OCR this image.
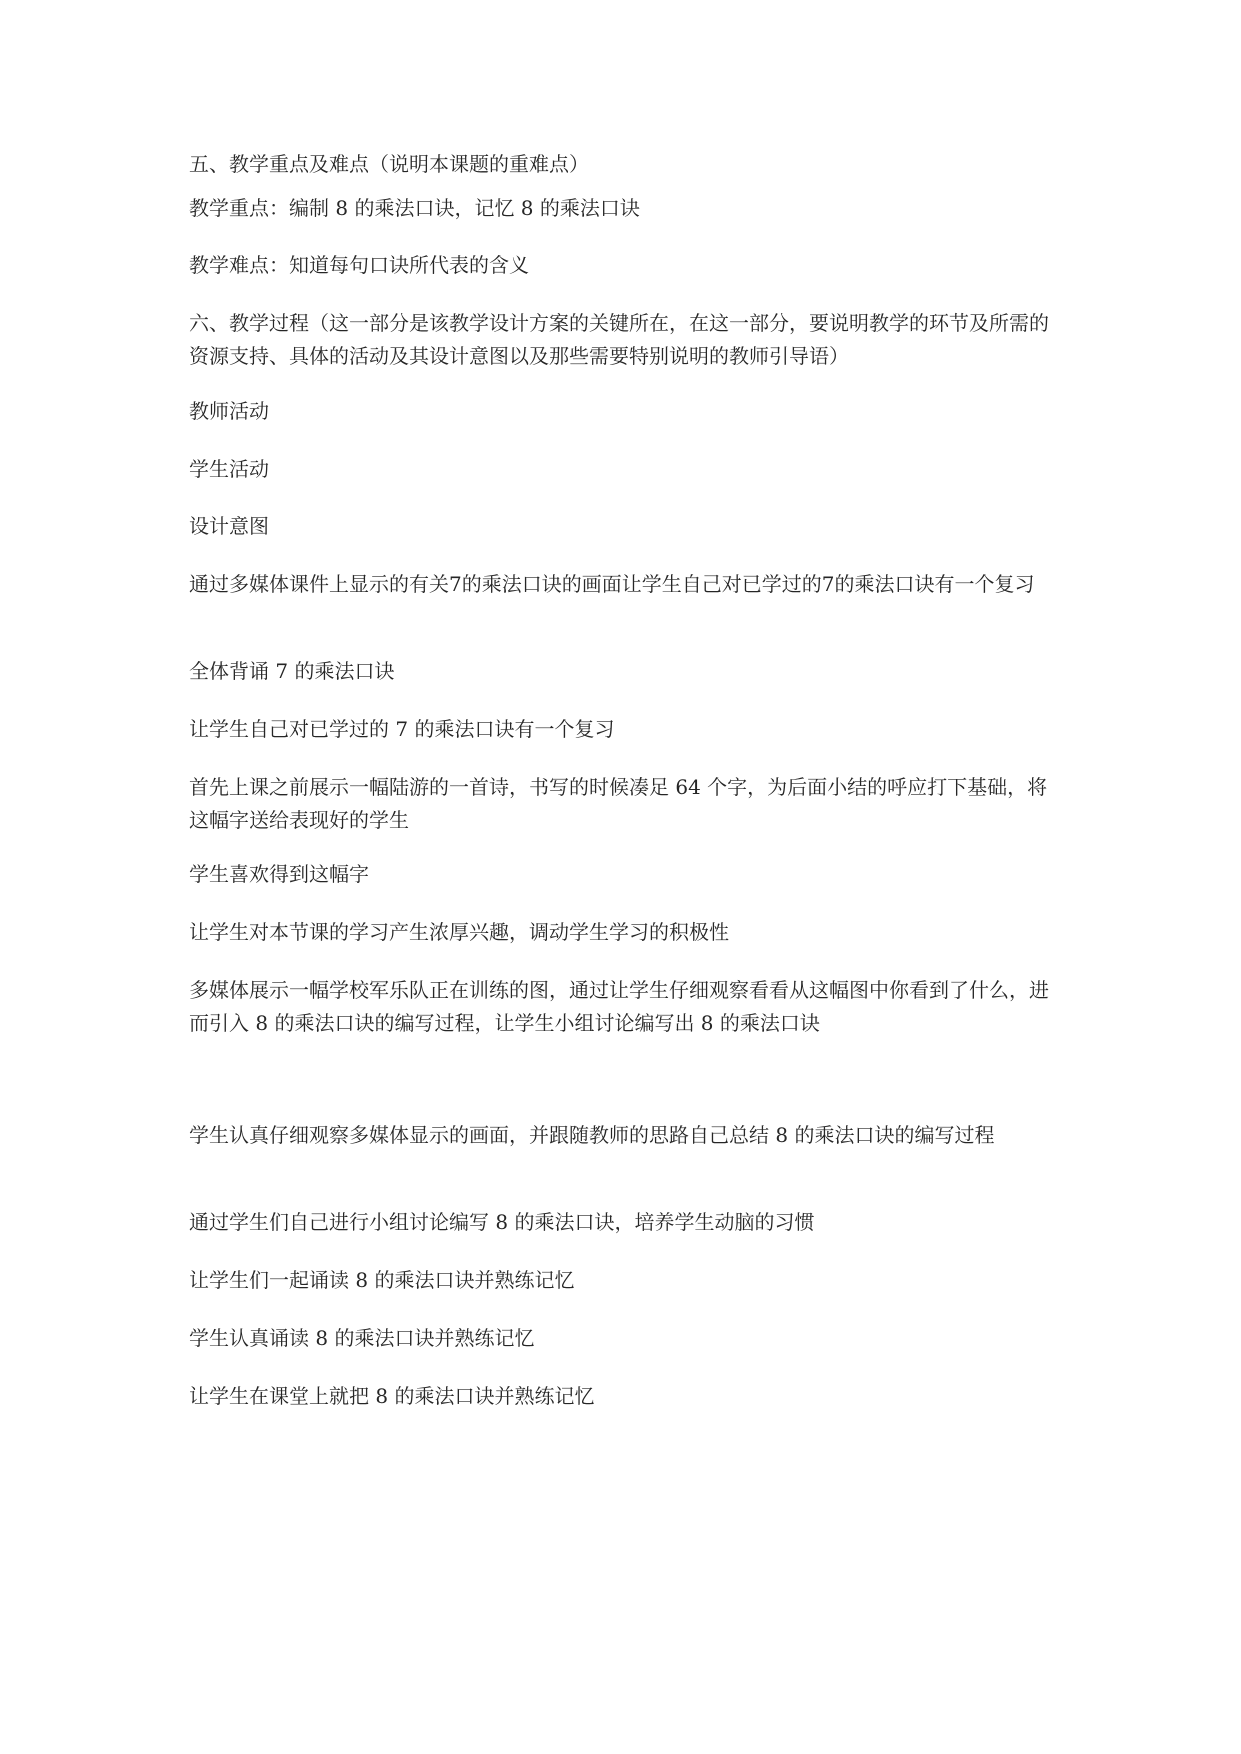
五、教学重点及难点（说明本课题的重难点）

教学重点：编制 8 的乘法口诀，记忆 8 的乘法口诀

教学难点：知道每句口诀所代表的含义

六、教学过程（这一部分是该教学设计方案的关键所在，在这一部分，要说明教学的环节及所需的资源支持、具体的活动及其设计意图以及那些需要特别说明的教师引导语）

教师活动

学生活动

设计意图

通过多媒体课件上显示的有关7的乘法口诀的画面让学生自己对已学过的7的乘法口诀有一个复习

全体背诵 7 的乘法口诀

让学生自己对已学过的 7 的乘法口诀有一个复习

首先上课之前展示一幅陆游的一首诗，书写的时候凑足 64 个字，为后面小结的呼应打下基础，将这幅字送给表现好的学生

学生喜欢得到这幅字

让学生对本节课的学习产生浓厚兴趣，调动学生学习的积极性

多媒体展示一幅学校军乐队正在训练的图，通过让学生仔细观察看看从这幅图中你看到了什么，进而引入 8 的乘法口诀的编写过程，让学生小组讨论编写出 8 的乘法口诀

学生认真仔细观察多媒体显示的画面，并跟随教师的思路自己总结 8 的乘法口诀的编写过程

通过学生们自己进行小组讨论编写 8 的乘法口诀，培养学生动脑的习惯

让学生们一起诵读 8 的乘法口诀并熟练记忆

学生认真诵读 8 的乘法口诀并熟练记忆

让学生在课堂上就把 8 的乘法口诀并熟练记忆
